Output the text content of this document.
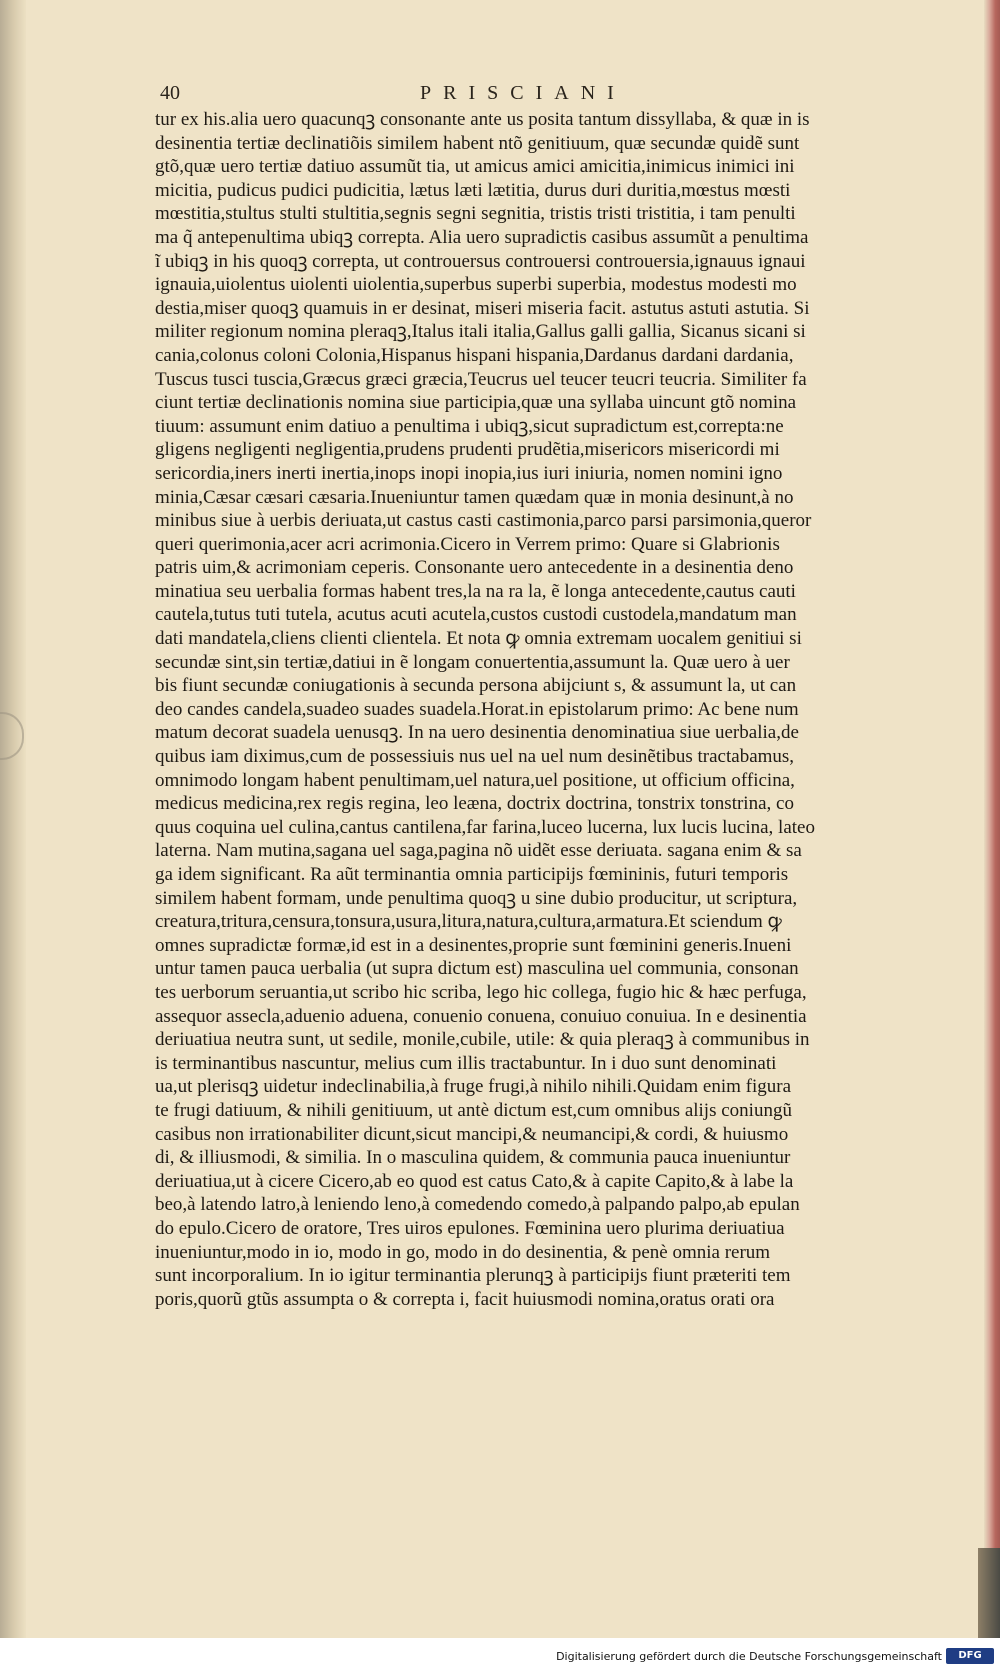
40	PRISCIANI
tur ex his.alia uero quacunqꝫ consonante ante us posita tantum dissyllaba, & quæ in is
desinentia tertiæ declinatiõis similem habent ntõ genitiuum, quæ secundæ quidẽ sunt
gtõ,quæ uero tertiæ datiuo assumũt tia, ut amicus amici amicitia,inimicus inimici ini
micitia, pudicus pudici pudicitia, lætus læti lætitia, durus duri duritia,mœstus mœsti
mœstitia,stultus stulti stultitia,segnis segni segnitia, tristis tristi tristitia, i tam penulti
ma q̃ antepenultima ubiqꝫ correpta. Alia uero supradictis casibus assumũt a penultima
ĩ ubiqꝫ in his quoqꝫ correpta, ut controuersus controuersi controuersia,ignauus ignaui
ignauia,uiolentus uiolenti uiolentia,superbus superbi superbia, modestus modesti mo
destia,miser quoqꝫ quamuis in er desinat, miseri miseria facit. astutus astuti astutia. Si
militer regionum nomina pleraqꝫ,Italus itali italia,Gallus galli gallia, Sicanus sicani si
cania,colonus coloni Colonia,Hispanus hispani hispania,Dardanus dardani dardania,
Tuscus tusci tuscia,Græcus græci græcia,Teucrus uel teucer teucri teucria. Similiter fa
ciunt tertiæ declinationis nomina siue participia,quæ una syllaba uincunt gtõ nomina
tiuum: assumunt enim datiuo a penultima i ubiqꝫ,sicut supradictum est,correpta:ne
gligens negligenti negligentia,prudens prudenti prudẽtia,misericors misericordi mi
sericordia,iners inerti inertia,inops inopi inopia,ius iuri iniuria, nomen nomini igno
minia,Cæsar cæsari cæsaria.Inueniuntur tamen quædam quæ in monia desinunt,à no
minibus siue à uerbis deriuata,ut castus casti castimonia,parco parsi parsimonia,queror
queri querimonia,acer acri acrimonia.Cicero in Verrem primo: Quare si Glabrionis
patris uim,& acrimoniam ceperis. Consonante uero antecedente in a desinentia deno
minatiua seu uerbalia formas habent tres,la na ra la, ẽ longa antecedente,cautus cauti
cautela,tutus tuti tutela, acutus acuti acutela,custos custodi custodela,mandatum man
dati mandatela,cliens clienti clientela. Et nota ꝙ omnia extremam uocalem genitiui si
secundæ sint,sin tertiæ,datiui in ẽ longam conuertentia,assumunt la. Quæ uero à uer
bis fiunt secundæ coniugationis à secunda persona abijciunt s, & assumunt la, ut can
deo candes candela,suadeo suades suadela.Horat.in epistolarum primo: Ac bene num
matum decorat suadela uenusqꝫ. In na uero desinentia denominatiua siue uerbalia,de
quibus iam diximus,cum de possessiuis nus uel na uel num desinẽtibus tractabamus,
omnimodo longam habent penultimam,uel natura,uel positione, ut officium officina,
medicus medicina,rex regis regina, leo leæna, doctrix doctrina, tonstrix tonstrina, co
quus coquina uel culina,cantus cantilena,far farina,luceo lucerna, lux lucis lucina, lateo
laterna. Nam mutina,sagana uel saga,pagina nõ uidẽt esse deriuata. sagana enim & sa
ga idem significant. Ra aũt terminantia omnia participijs fœmininis, futuri temporis
similem habent formam, unde penultima quoqꝫ u sine dubio producitur, ut scriptura,
creatura,tritura,censura,tonsura,usura,litura,natura,cultura,armatura.Et sciendum ꝙ
omnes supradictæ formæ,id est in a desinentes,proprie sunt fœminini generis.Inueni
untur tamen pauca uerbalia (ut supra dictum est) masculina uel communia, consonan
tes uerborum seruantia,ut scribo hic scriba, lego hic collega, fugio hic & hæc perfuga,
assequor assecla,aduenio aduena, conuenio conuena, conuiuo conuiua. In e desinentia
deriuatiua neutra sunt, ut sedile, monile,cubile, utile: & quia pleraqꝫ à communibus in
is terminantibus nascuntur, melius cum illis tractabuntur. In i duo sunt denominati
ua,ut plerisqꝫ uidetur indeclinabilia,à fruge frugi,à nihilo nihili.Quidam enim figura
te frugi datiuum, & nihili genitiuum, ut antè dictum est,cum omnibus alijs coniungũ
casibus non irrationabiliter dicunt,sicut mancipi,& neumancipi,& cordi, & huiusmo
di, & illiusmodi, & similia. In o masculina quidem, & communia pauca inueniuntur
deriuatiua,ut à cicere Cicero,ab eo quod est catus Cato,& à capite Capito,& à labe la
beo,à latendo latro,à leniendo leno,à comedendo comedo,à palpando palpo,ab epulan
do epulo.Cicero de oratore, Tres uiros epulones. Fœminina uero plurima deriuatiua
inueniuntur,modo in io, modo in go, modo in do desinentia, & penè omnia rerum
sunt incorporalium. In io igitur terminantia plerunqꝫ à participijs fiunt præteriti tem
poris,quorũ gtũs assumpta o & correpta i, facit huiusmodi nomina,oratus orati ora
Digitalisierung gefördert durch die Deutsche Forschungsgemeinschaft	DFG
